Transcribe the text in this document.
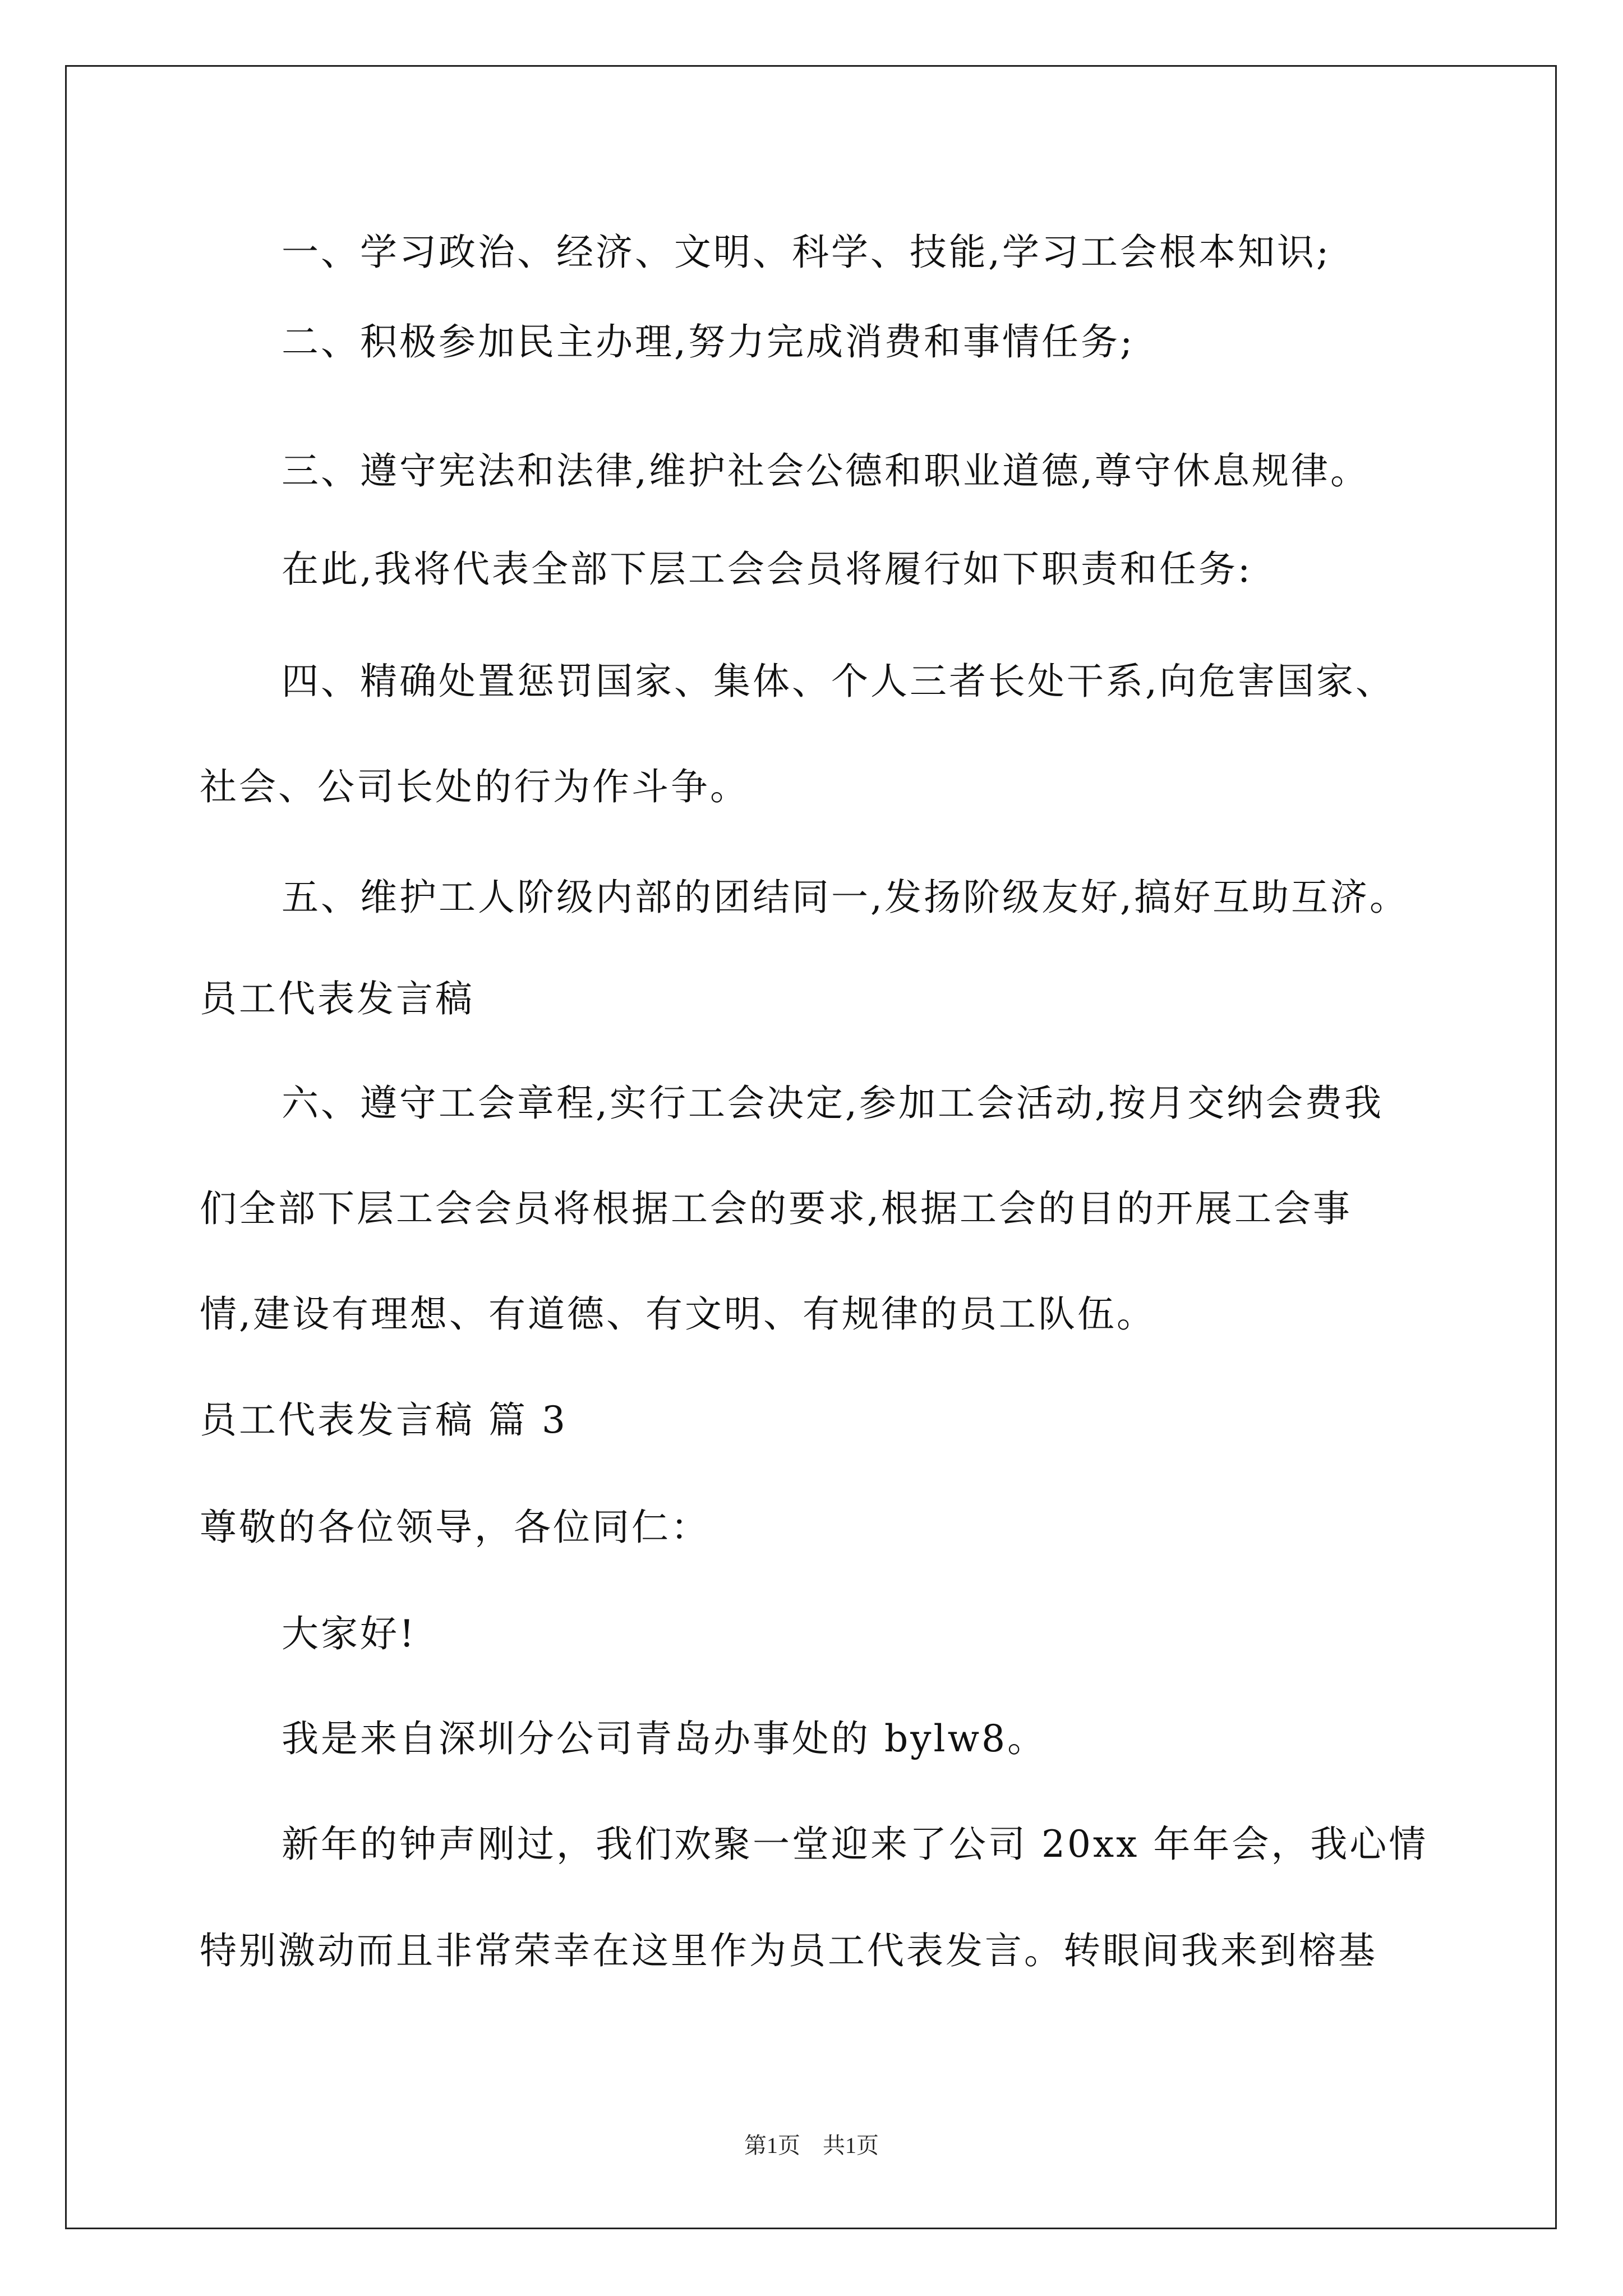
一、学习政治、经济、文明、科学、技能,学习工会根本知识;
二、积极参加民主办理,努力完成消费和事情任务;
三、遵守宪法和法律,维护社会公德和职业道德,尊守休息规律。
在此,我将代表全部下层工会会员将履行如下职责和任务:
四、精确处置惩罚国家、集体、个人三者长处干系,向危害国家、
社会、公司长处的行为作斗争。
五、维护工人阶级内部的团结同一,发扬阶级友好,搞好互助互济。
员工代表发言稿
六、遵守工会章程,实行工会决定,参加工会活动,按月交纳会费我
们全部下层工会会员将根据工会的要求,根据工会的目的开展工会事
情,建设有理想、有道德、有文明、有规律的员工队伍。
员工代表发言稿 篇 3
尊敬的各位领导，各位同仁：
大家好!
我是来自深圳分公司青岛办事处的 bylw8。
新年的钟声刚过，我们欢聚一堂迎来了公司 20xx 年年会，我心情
特别激动而且非常荣幸在这里作为员工代表发言。转眼间我来到榕基
第1页　共1页
